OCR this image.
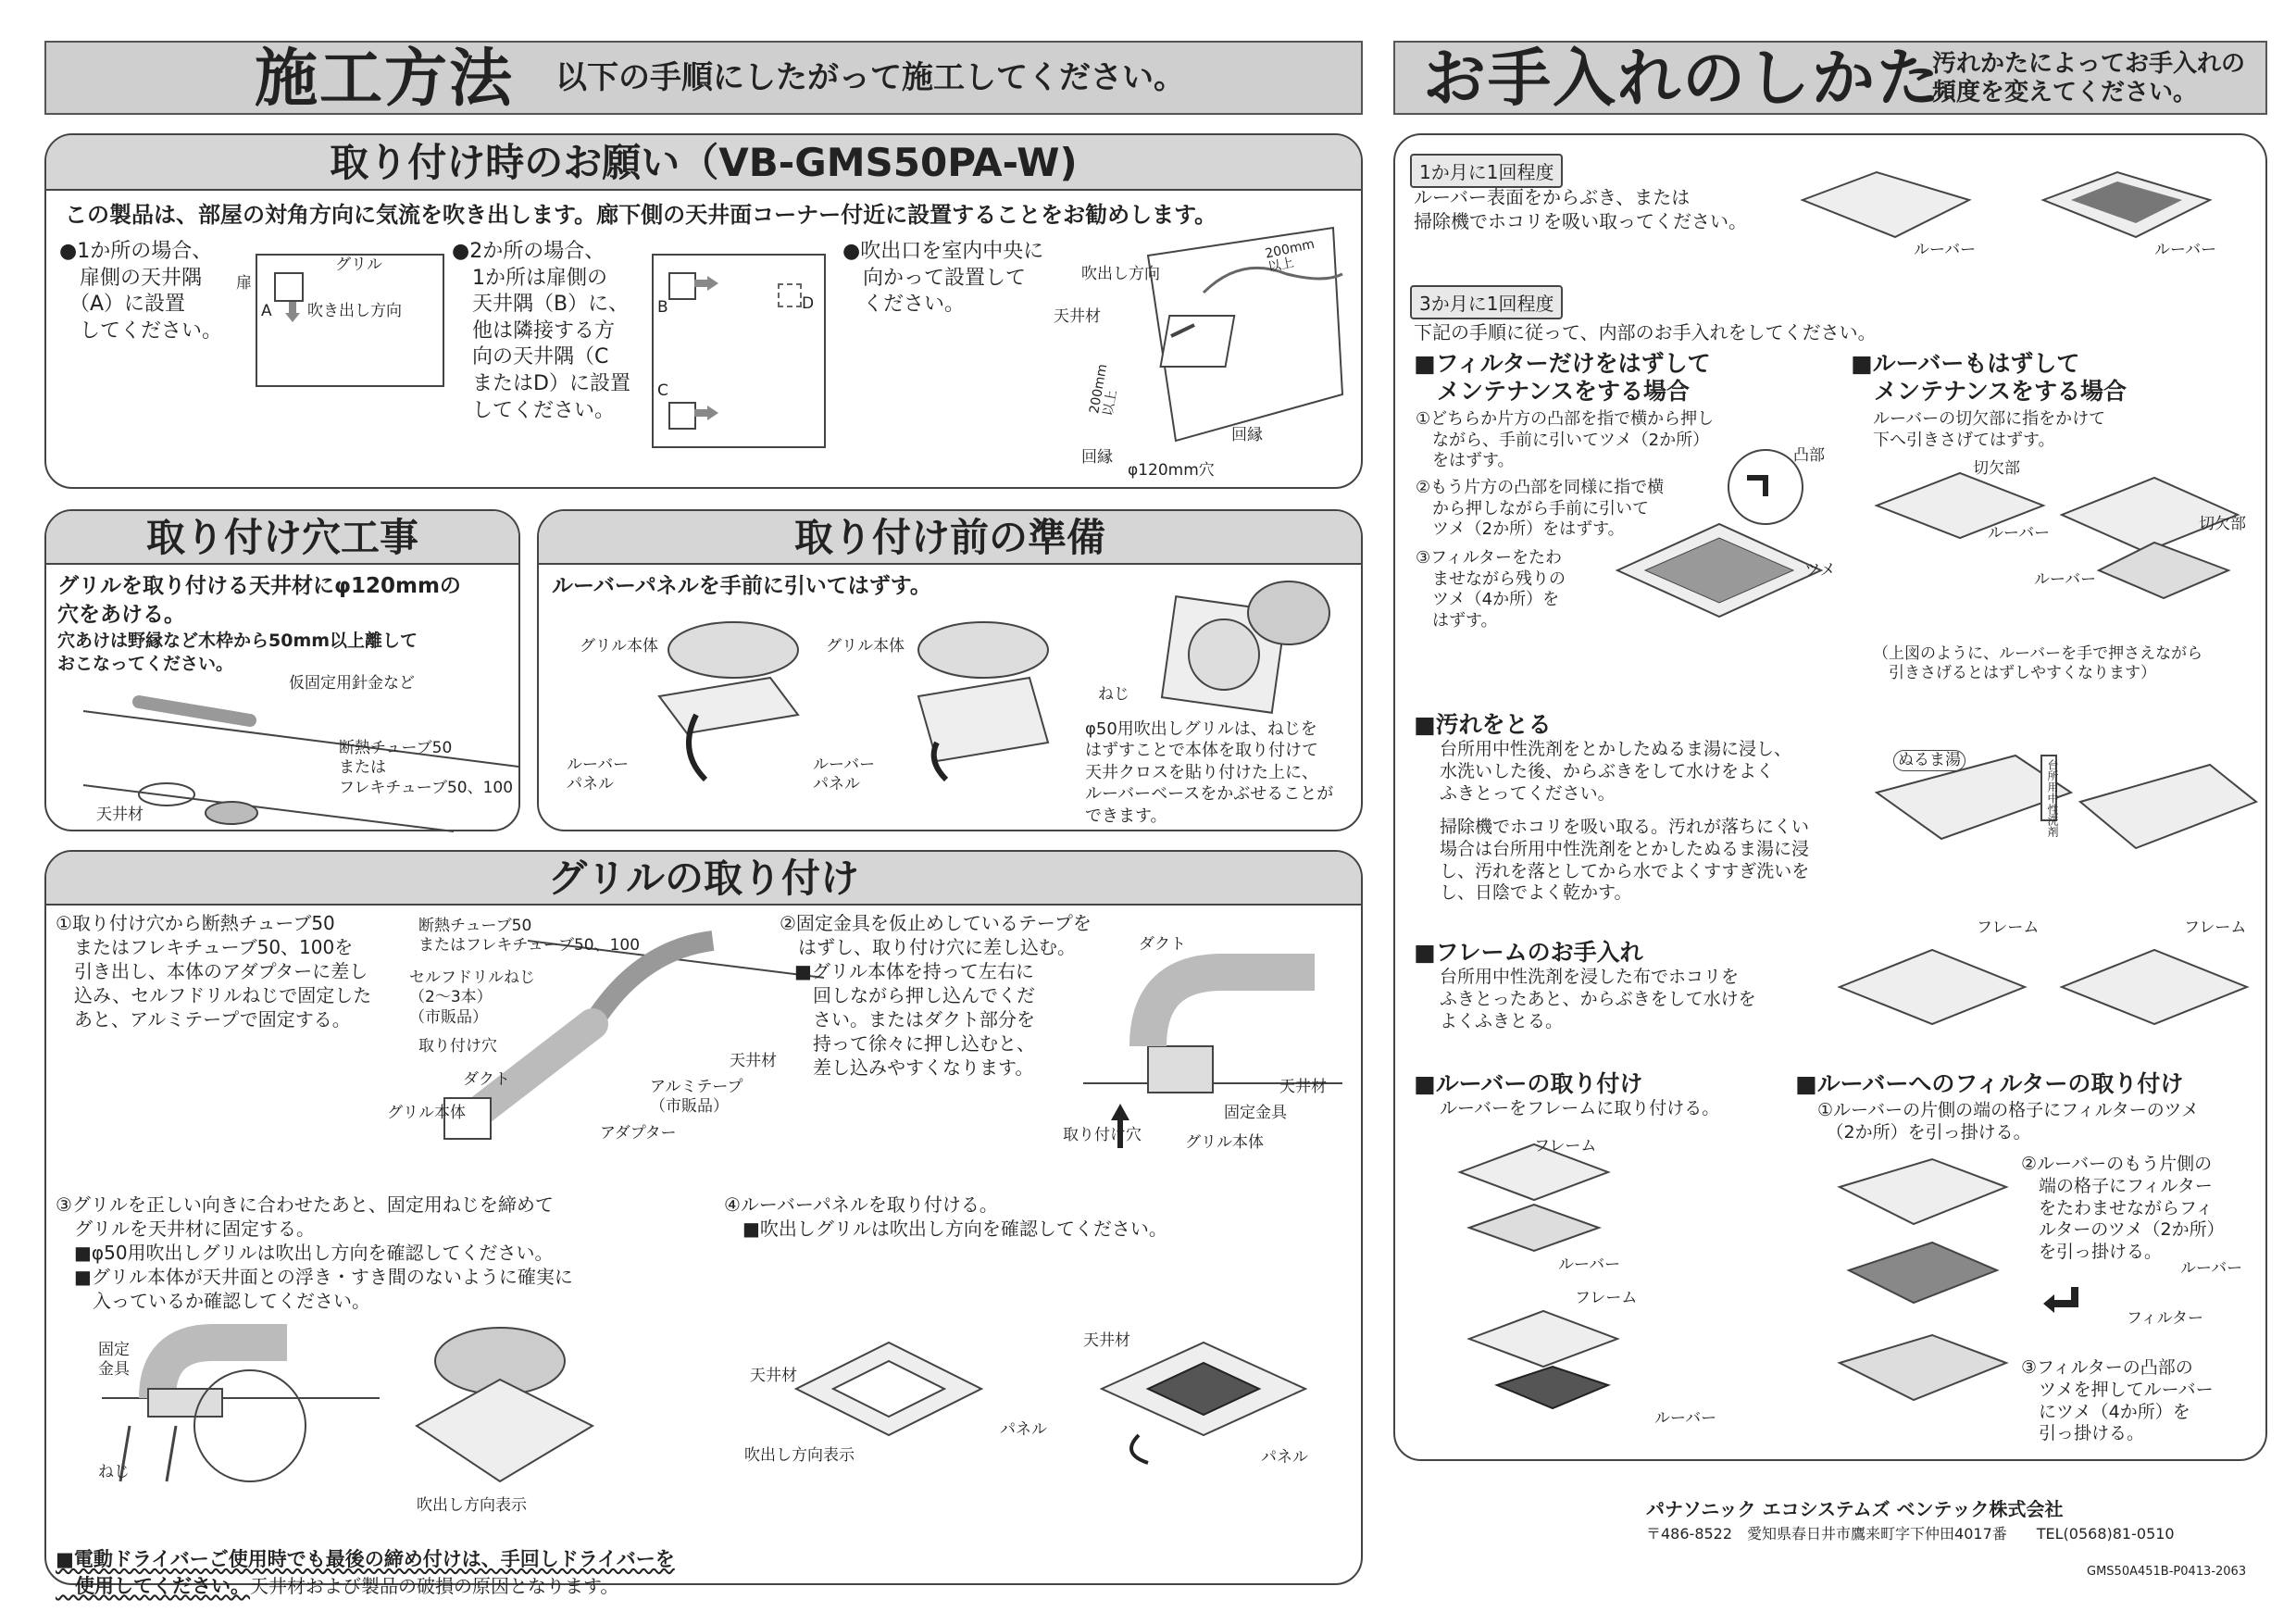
施工方法 以下の手順にしたがって施工してください。	お手入れのしかた
汚れかたによってお手入れの
頻度を変えてください。
取り付け時のお願い（VB-GMS50PA-W)
この製品は、部屋の対角方向に気流を吹き出します。廊下側の天井面コーナー付近に設置することをお勧めします。
●1か所の場合、
　扉側の天井隅
　（A）に設置
　してください。
●2か所の場合、
　1か所は扉側の
　天井隅（B）に、
　他は隣接する方
　向の天井隅（C
　またはD）に設置
　してください。
●吹出口を室内中央に
　向かって設置して
　ください。
グリル
扉
A 吹き出し方向	B
C
D
吹出し方向
天井材
200mm
以上
200mm
以上
回縁
回縁
φ120mm穴
取り付け穴工事
グリルを取り付ける天井材にφ120mmの
穴をあける。
穴あけは野縁など木枠から50mm以上離して
おこなってください。
仮固定用針金など
断熱チューブ50
または
フレキチューブ50、100
天井材
取り付け前の準備
ルーバーパネルを手前に引いてはずす。
グリル本体
ルーバー
パネル
グリル本体
ルーバー
パネル
ねじ
φ50用吹出しグリルは、ねじを
はずすことで本体を取り付けて
天井クロスを貼り付けた上に、
ルーバーベースをかぶせることが
できます。
グリルの取り付け
①取り付け穴から断熱チューブ50
　またはフレキチューブ50、100を
　引き出し、本体のアダプターに差し
　込み、セルフドリルねじで固定した
　あと、アルミテープで固定する。
断熱チューブ50
またはフレキチューブ50、100
セルフドリルねじ
（2～3本）
（市販品）
取り付け穴
ダクト
グリル本体
天井材
アルミテープ
（市販品）
アダプター
②固定金具を仮止めしているテープを
　はずし、取り付け穴に差し込む。
■グリル本体を持って左右に
　回しながら押し込んでくだ
　さい。またはダクト部分を
　持って徐々に押し込むと、
　差し込みやすくなります。
ダクト
天井材
固定金具
取り付け穴	グリル本体
③グリルを正しい向きに合わせたあと、固定用ねじを締めて
　グリルを天井材に固定する。
■φ50用吹出しグリルは吹出し方向を確認してください。
■グリル本体が天井面との浮き・すき間のないように確実に
　入っているか確認してください。
固定
金具
ねじ
吹出し方向表示
④ルーバーパネルを取り付ける。
■吹出しグリルは吹出し方向を確認してください。
天井材
パネル
吹出し方向表示
天井材
パネル

■電動ドライバーご使用時でも最後の締め付けは、手回しドライバーを
　使用してください。天井材および製品の破損の原因となります。

1か月に1回程度
ルーバー表面をからぶき、または
掃除機でホコリを吸い取ってください。
ルーバー	ルーバー
3か月に1回程度
下記の手順に従って、内部のお手入れをしてください。
■フィルターだけをはずして
　メンテナンスをする場合
①どちらか片方の凸部を指で横から押し
　ながら、手前に引いてツメ（2か所）
　をはずす。
②もう片方の凸部を同様に指で横
　から押しながら手前に引いて
　ツメ（2か所）をはずす。
③フィルターをたわ
　ませながら残りの
　ツメ（4か所）を
　はずす。
凸部
ツメ
■ルーバーもはずして
　メンテナンスをする場合
ルーバーの切欠部に指をかけて
下へ引きさげてはずす。
切欠部
ルーバー	切欠部
ルーバー
（上図のように、ルーバーを手で押さえながら
　引きさげるとはずしやすくなります）
■汚れをとる
台所用中性洗剤をとかしたぬるま湯に浸し、
水洗いした後、からぶきをして水けをよく
ふきとってください。
掃除機でホコリを吸い取る。汚れが落ちにくい
場合は台所用中性洗剤をとかしたぬるま湯に浸
し、汚れを落としてから水でよくすすぎ洗いを
し、日陰でよく乾かす。
ぬるま湯	台所用中性洗剤
■フレームのお手入れ
台所用中性洗剤を浸した布でホコリを
ふきとったあと、からぶきをして水けを
よくふきとる。
フレーム	フレーム
■ルーバーの取り付け
ルーバーをフレームに取り付ける。
フレーム
ルーバー
フレーム
ルーバー
■ルーバーへのフィルターの取り付け
①ルーバーの片側の端の格子にフィルターのツメ
　（2か所）を引っ掛ける。
②ルーバーのもう片側の
　端の格子にフィルター
　をたわませながらフィ
　ルターのツメ（2か所）
　を引っ掛ける。
ルーバー
フィルター
③フィルターの凸部の
　ツメを押してルーバー
　にツメ（4か所）を
　引っ掛ける。
パナソニック エコシステムズ ベンテック株式会社
〒486-8522　愛知県春日井市鷹来町字下仲田4017番　　TEL(0568)81-0510
GMS50A451B-P0413-2063
